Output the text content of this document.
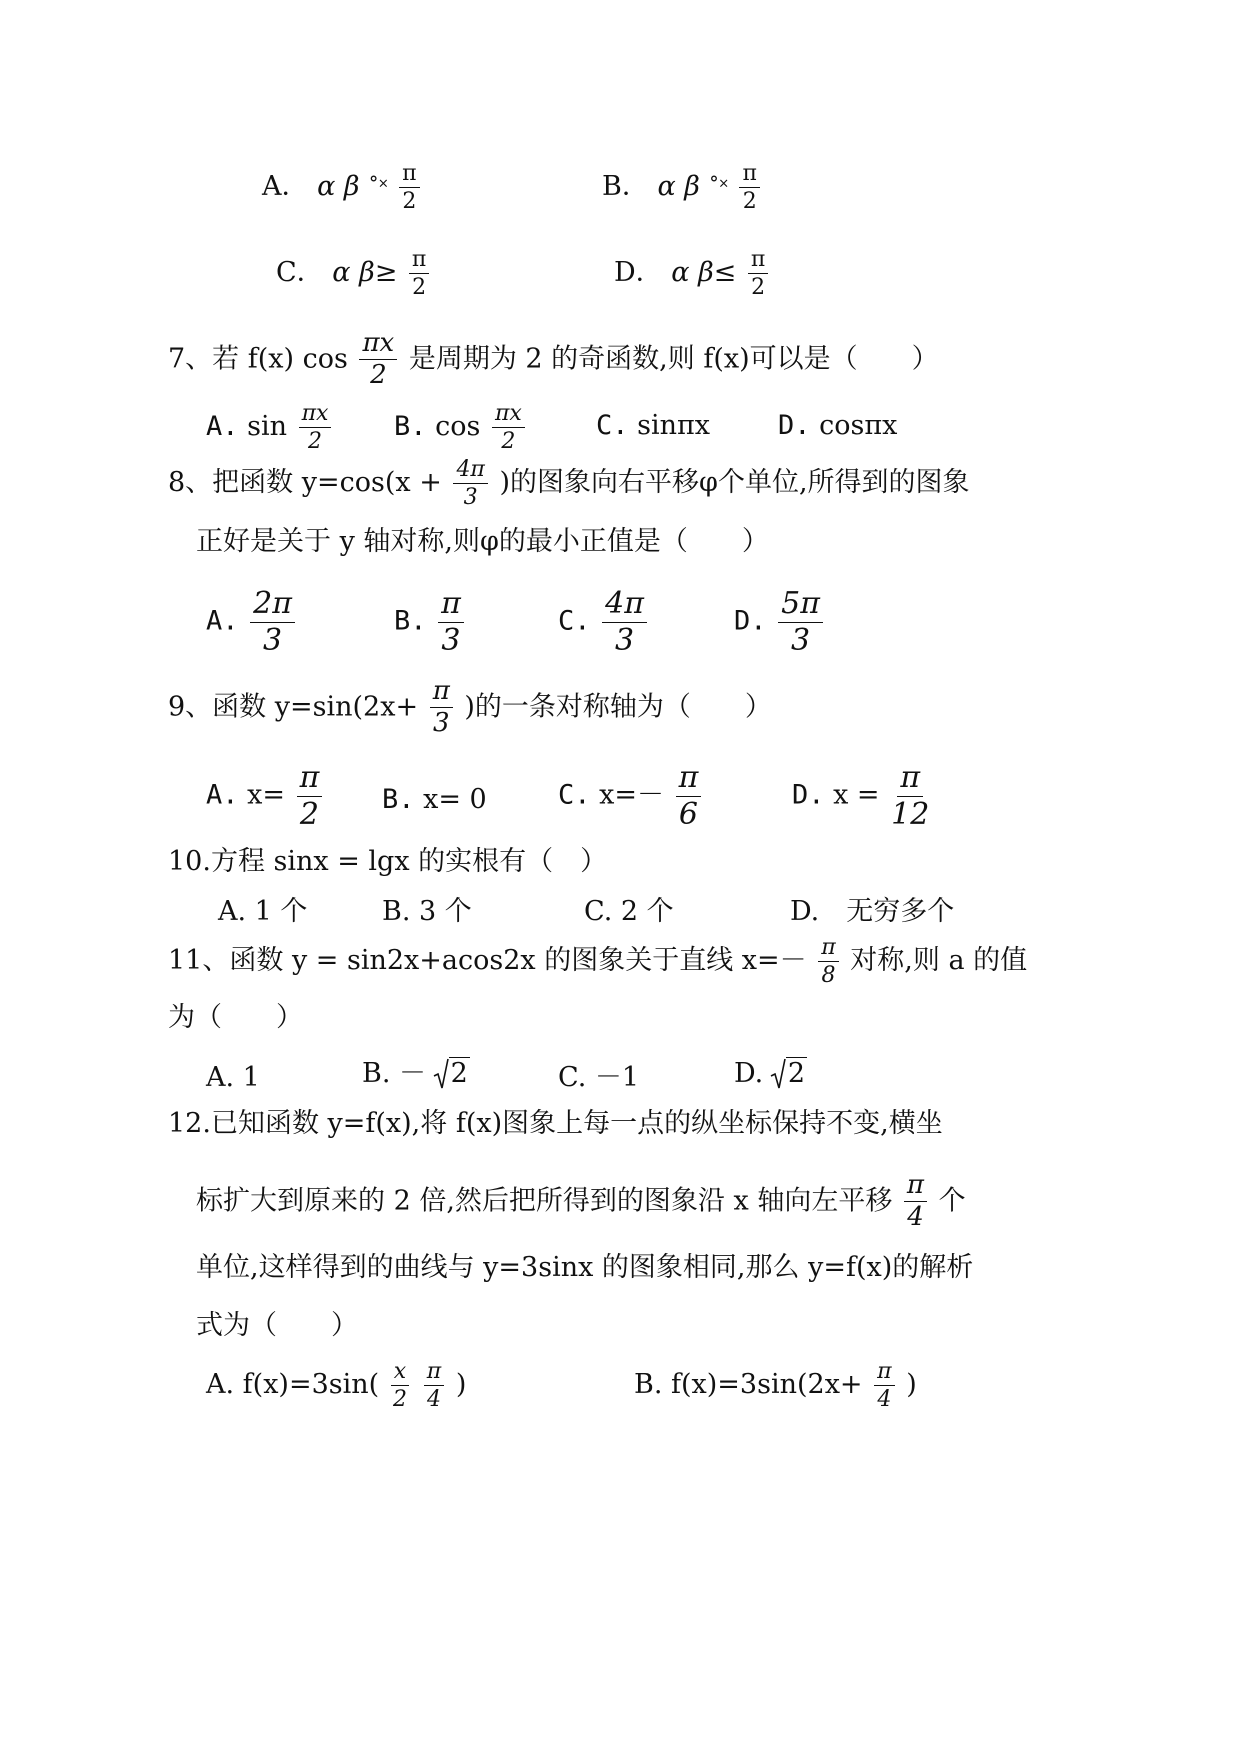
A． α β ˚˟ $\frac{\pi}{2}$	B． α β ˚˟ $\frac{\pi}{2}$
C． α $\beta\ge \frac{\pi}{2}$	D． α $\beta\le \frac{\pi}{2}$
7、若 f(x) $\cos \frac{\pi x}{2}$ 是周期为 2 的奇函数,则 f(x)可以是（　　）
A. $\sin \frac{\pi x}{2} B$. $\cos \frac{\pi x}{2}$	C. sinπx	D. cosπx
8、把函数 $y=\cos(x + \frac{4\pi}{3}$ )的图象向右平移φ个单位,所得到的图象
正好是关于 y 轴对称,则φ的最小正值是（　　）
A. $\frac{2\pi}{3}$	B. $\frac{\pi}{3}$	C. $\frac{4\pi}{3}$	D. $\frac{5\pi}{3}$
9、函数 $y=\sin(2x+ \frac{\pi}{3}$ )的一条对称轴为（　　）
A. $x= \frac{\pi}{2} B$. x= 0	C. $x=- \frac{\pi}{6}$	D. $x = \frac{\pi}{12}$
10.方程 sinx = lgx 的实根有（　）
A. 1 个	B. 3 个	C. 2 个	D.　无穷多个
11、函数 y = sin2x+acos2x 的图象关于直线 $x=- \frac{\pi}{8}$ 对称,则 a 的值
为（　　）
A. 1	B. － 2	C. －1	D. 2
12.已知函数 y=f(x),将 f(x)图象上每一点的纵坐标保持不变,横坐
标扩大到原来的 2 倍,然后把所得到的图象沿 x 轴向左平移 $\frac{\pi}{4}$ 个
单位,这样得到的曲线与 y=3sinx 的图象相同,那么 y=f(x)的解析
式为（　　）
A. $f(x)=3\sin( \frac{x}{2}$
$\frac{\pi}{4}$ )	B. $f(x)=3\sin(2x+ \frac{\pi}{4}$ )
